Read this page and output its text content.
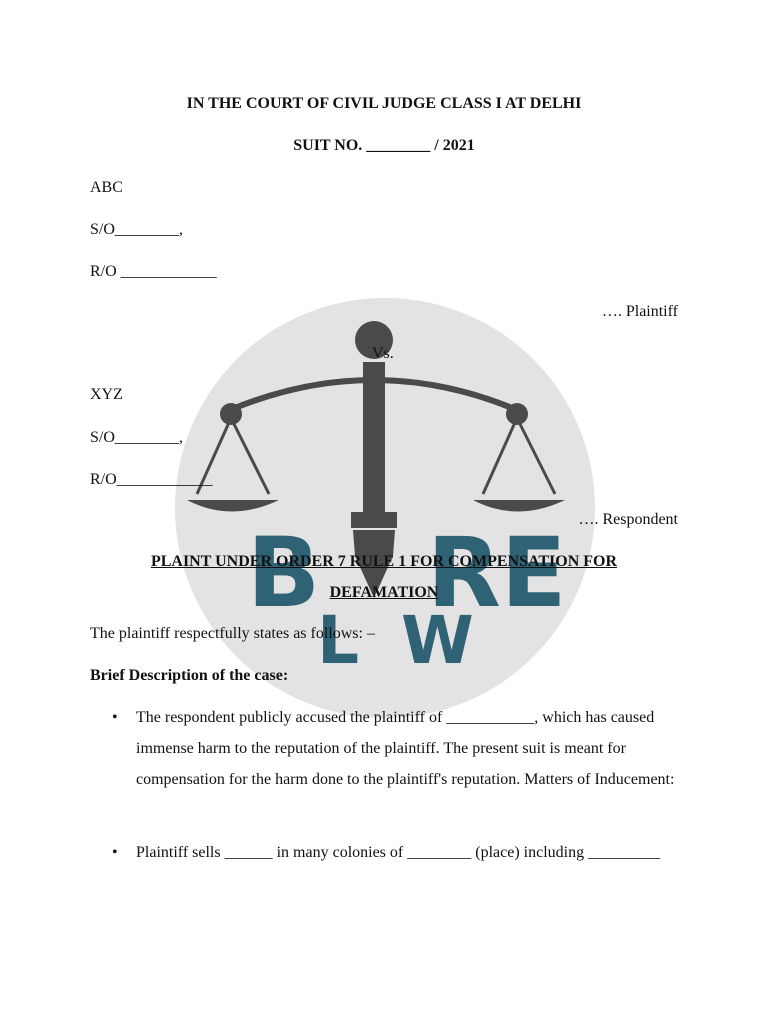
B RE
L W
IN THE COURT OF CIVIL JUDGE CLASS I AT DELHI
SUIT NO. ________ / 2021
ABC
S/O________,
R/O ____________
…. Plaintiff
Vs.
XYZ
S/O________,
R/O____________
…. Respondent
PLAINT UNDER ORDER 7 RULE 1 FOR COMPENSATION FOR
DEFAMATION
The plaintiff respectfully states as follows: –
Brief Description of the case:
• The respondent publicly accused the plaintiff of ___________, which has caused immense harm to the reputation of the plaintiff. The present suit is meant for compensation for the harm done to the plaintiff's reputation. Matters of Inducement:
• Plaintiff sells ______ in many colonies of ________ (place) including _________
